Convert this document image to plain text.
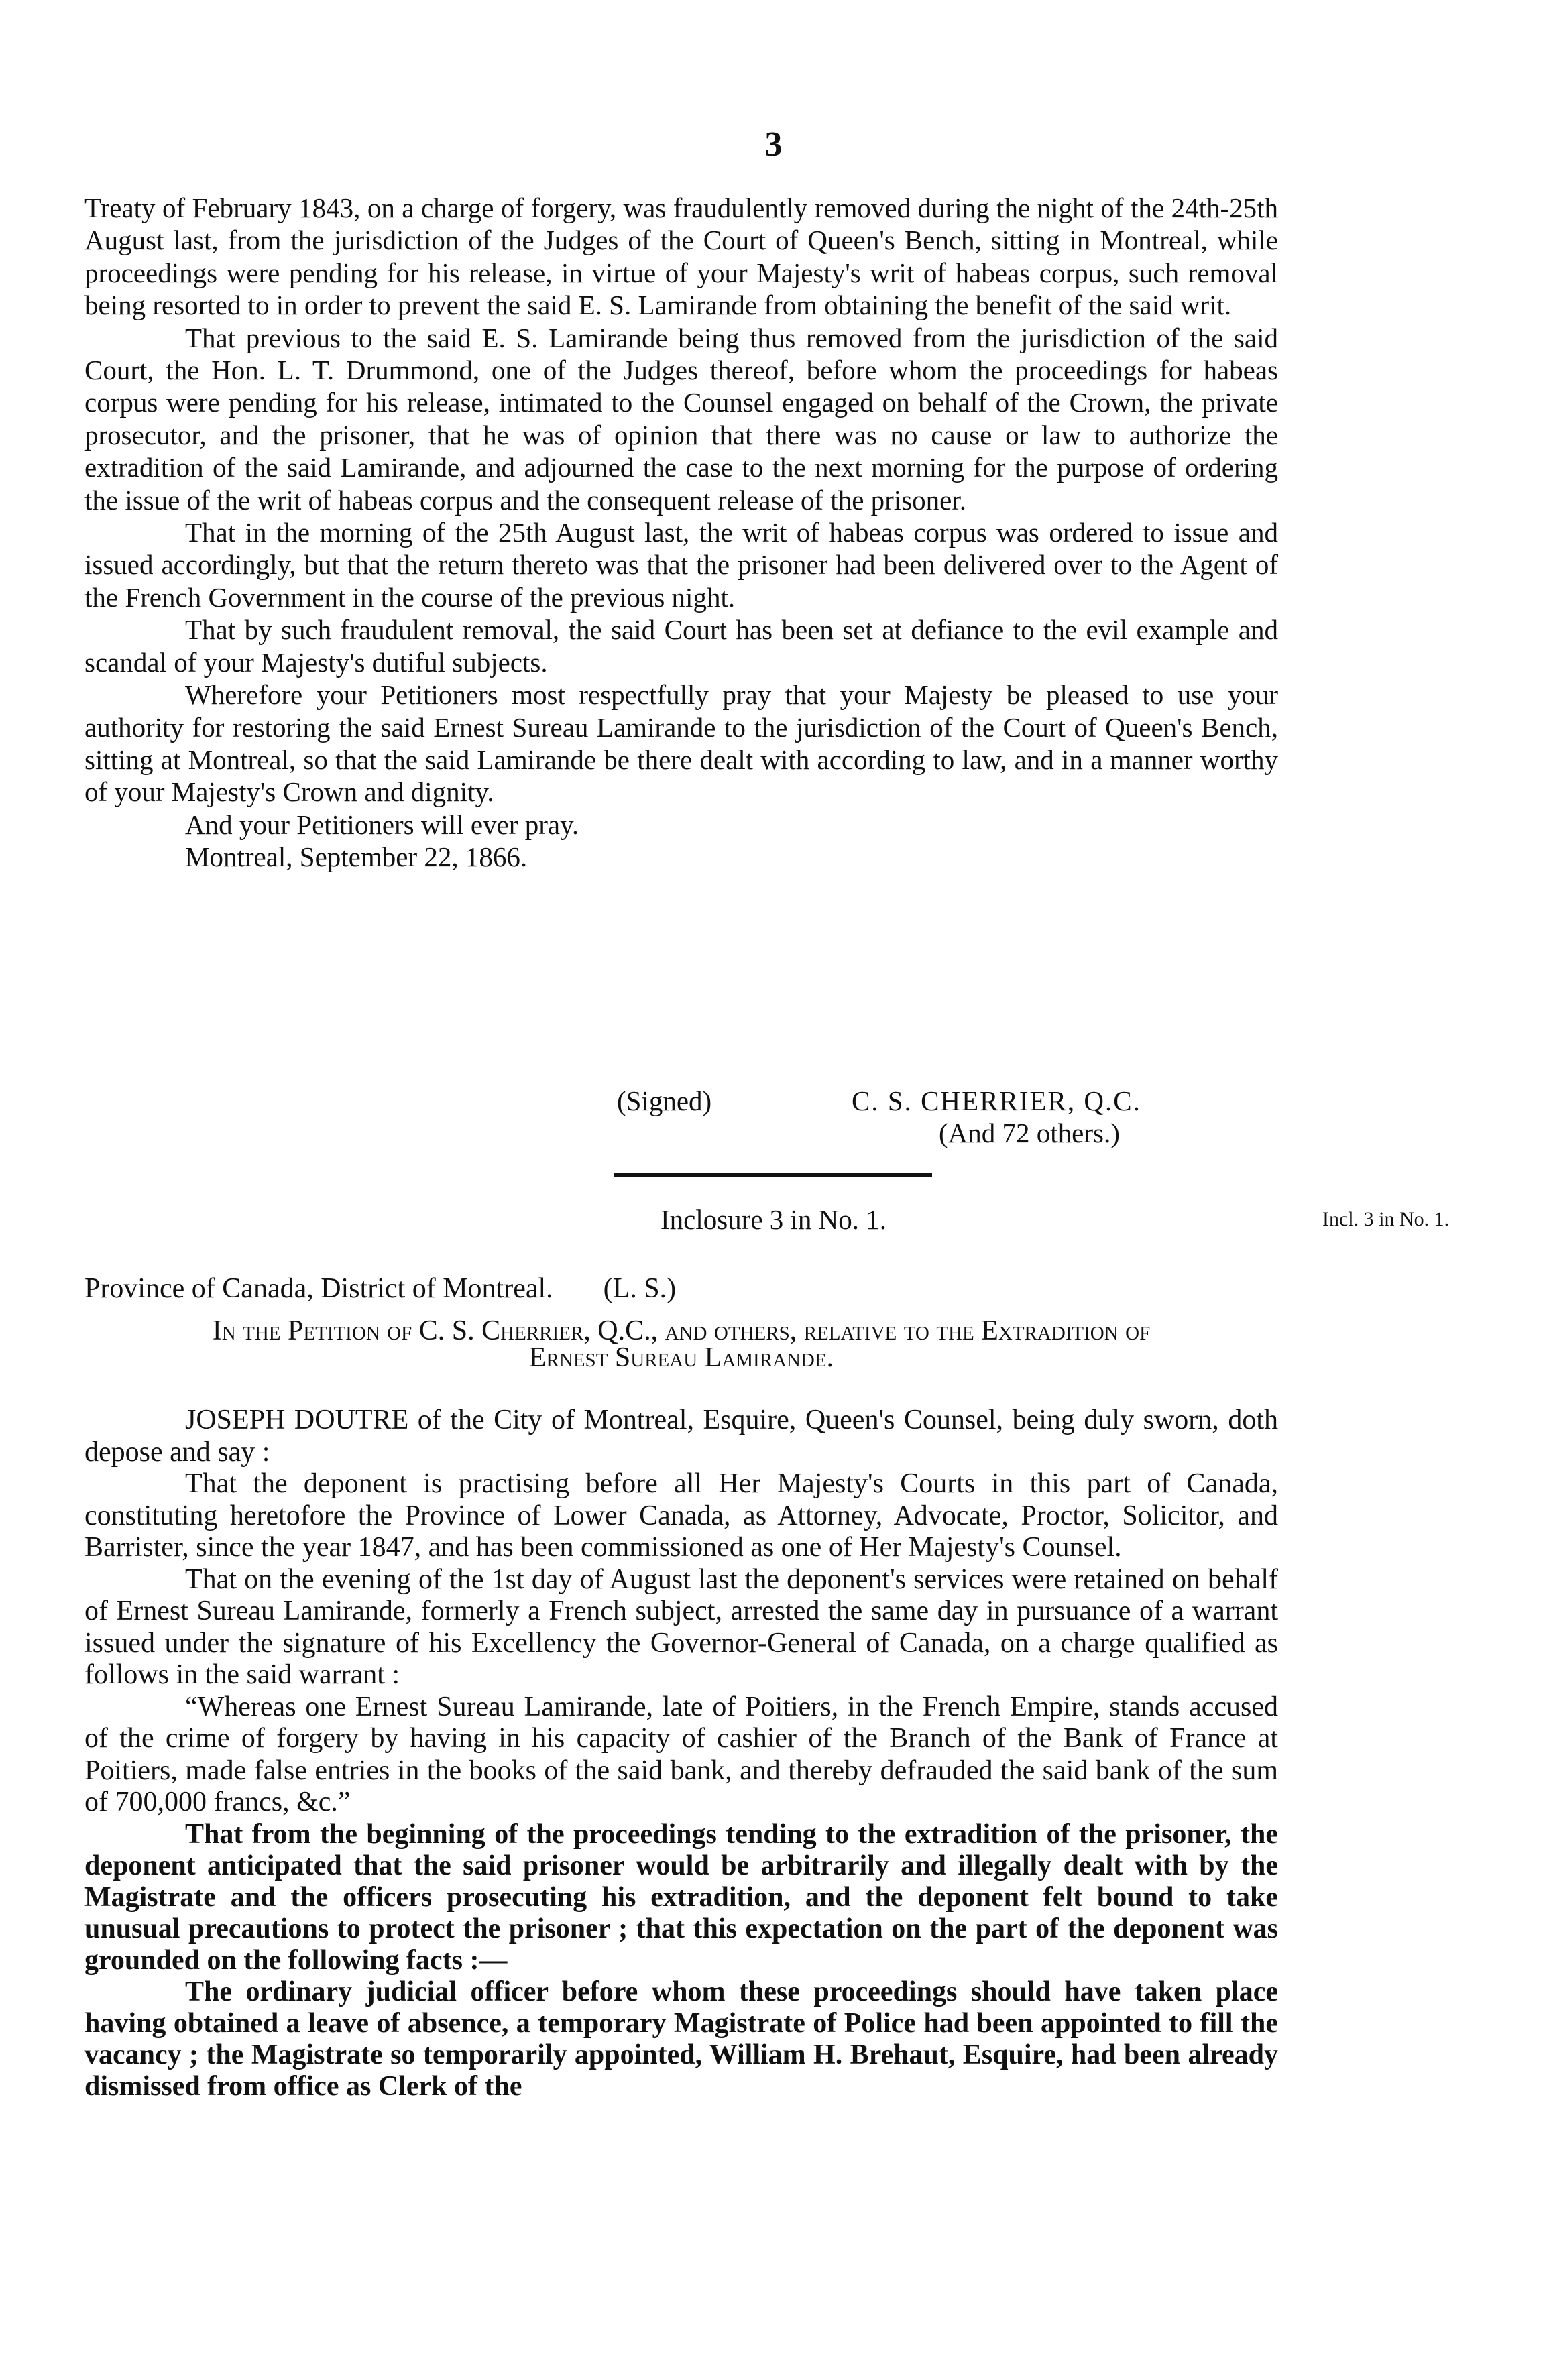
3

Treaty of February 1843, on a charge of forgery, was fraudulently removed during the night of the 24th-25th August last, from the jurisdiction of the Judges of the Court of Queen's Bench, sitting in Montreal, while proceedings were pending for his release, in virtue of your Majesty's writ of habeas corpus, such removal being resorted to in order to prevent the said E. S. Lamirande from obtaining the benefit of the said writ.

That previous to the said E. S. Lamirande being thus removed from the jurisdiction of the said Court, the Hon. L. T. Drummond, one of the Judges thereof, before whom the proceedings for habeas corpus were pending for his release, intimated to the Counsel engaged on behalf of the Crown, the private prosecutor, and the prisoner, that he was of opinion that there was no cause or law to authorize the extradition of the said Lamirande, and adjourned the case to the next morning for the purpose of ordering the issue of the writ of habeas corpus and the consequent release of the prisoner.

That in the morning of the 25th August last, the writ of habeas corpus was ordered to issue and issued accordingly, but that the return thereto was that the prisoner had been delivered over to the Agent of the French Government in the course of the previous night.

That by such fraudulent removal, the said Court has been set at defiance to the evil example and scandal of your Majesty's dutiful subjects.

Wherefore your Petitioners most respectfully pray that your Majesty be pleased to use your authority for restoring the said Ernest Sureau Lamirande to the jurisdiction of the Court of Queen's Bench, sitting at Montreal, so that the said Lamirande be there dealt with according to law, and in a manner worthy of your Majesty's Crown and dignity.

And your Petitioners will ever pray.

Montreal, September 22, 1866.

(Signed)	C. S. CHERRIER, Q.C.
(And 72 others.)
Inclosure 3 in No. 1.	Incl. 3 in No. 1.
Province of Canada, District of Montreal. (L. S.)
In the Petition of C. S. Cherrier, Q.C., and others, relative to the Extradition of
Ernest Sureau Lamirande.

JOSEPH DOUTRE of the City of Montreal, Esquire, Queen's Counsel, being duly sworn, doth depose and say :

That the deponent is practising before all Her Majesty's Courts in this part of Canada, constituting heretofore the Province of Lower Canada, as Attorney, Advocate, Proctor, Solicitor, and Barrister, since the year 1847, and has been commissioned as one of Her Majesty's Counsel.

That on the evening of the 1st day of August last the deponent's services were retained on behalf of Ernest Sureau Lamirande, formerly a French subject, arrested the same day in pursuance of a warrant issued under the signature of his Excellency the Governor-General of Canada, on a charge qualified as follows in the said warrant :

“Whereas one Ernest Sureau Lamirande, late of Poitiers, in the French Empire, stands accused of the crime of forgery by having in his capacity of cashier of the Branch of the Bank of France at Poitiers, made false entries in the books of the said bank, and thereby defrauded the said bank of the sum of 700,000 francs, &c.”

That from the beginning of the proceedings tending to the extradition of the prisoner, the deponent anticipated that the said prisoner would be arbitrarily and illegally dealt with by the Magistrate and the officers prosecuting his extradition, and the deponent felt bound to take unusual precautions to protect the prisoner ; that this expectation on the part of the deponent was grounded on the following facts :—

The ordinary judicial officer before whom these proceedings should have taken place having obtained a leave of absence, a temporary Magistrate of Police had been appointed to fill the vacancy ; the Magistrate so temporarily appointed, William H. Brehaut, Esquire, had been already dismissed from office as Clerk of the
